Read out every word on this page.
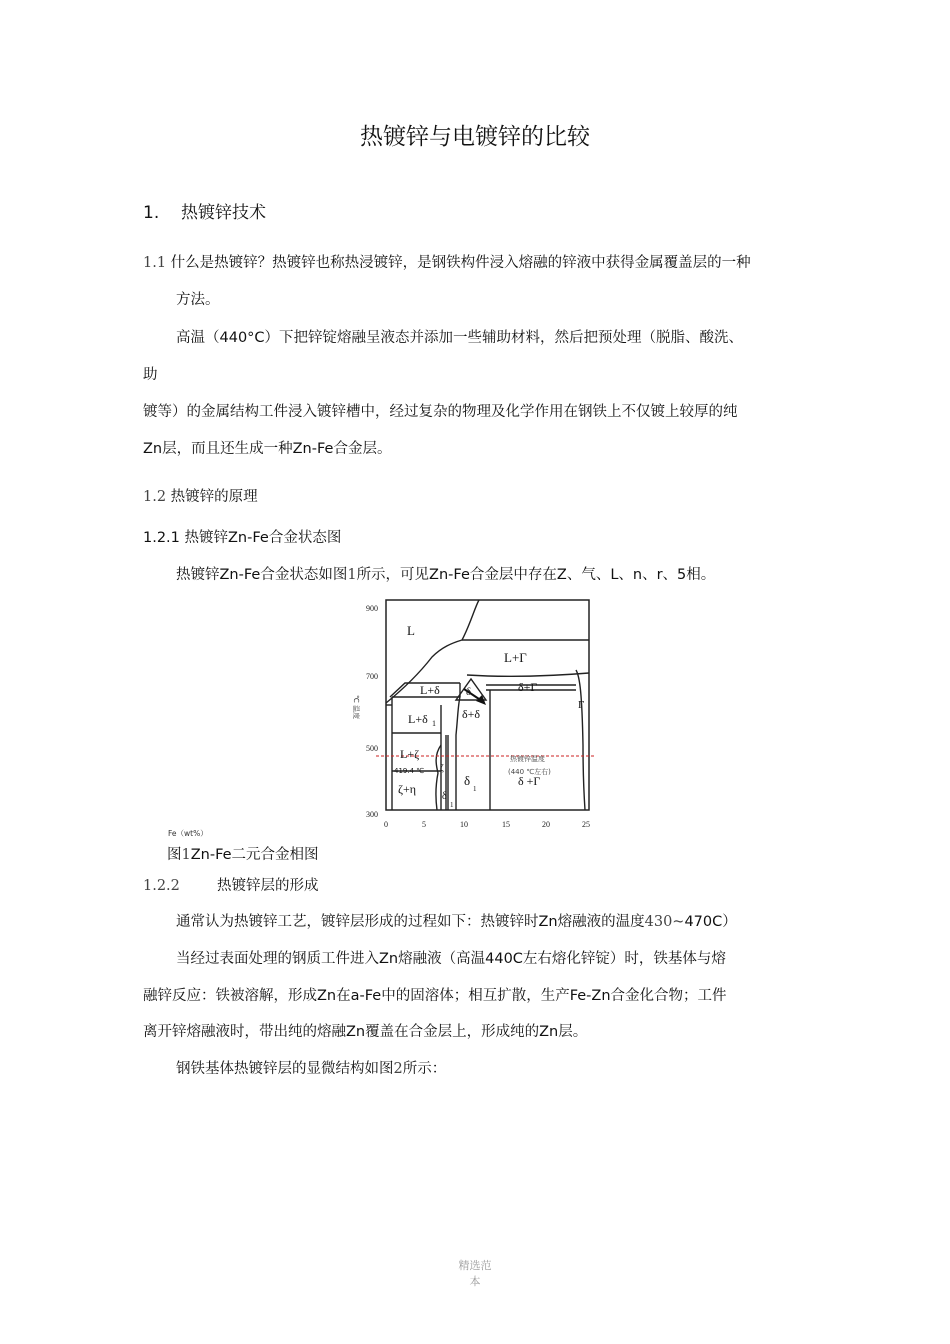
热镀锌与电镀锌的比较
1. 热镀锌技术
1.1 什么是热镀锌？热镀锌也称热浸镀锌，是钢铁构件浸入熔融的锌液中获得金属覆盖层的一种
方法。
高温（440°C）下把锌锭熔融呈液态并添加一些辅助材料，然后把预处理（脱脂、酸洗、
助
镀等）的金属结构工件浸入镀锌槽中，经过复杂的物理及化学作用在钢铁上不仅镀上较厚的纯
Zn层，而且还生成一种Zn-Fe合金层。
1.2 热镀锌的原理
1.2.1 热镀锌Zn-Fe合金状态图
热镀锌Zn-Fe合金状态如图1所示，可见Zn-Fe合金层中存在Z、气、L、n、r、5相。
900
700
500
300
0	5	10	15	20	25
℃ 温度
L
L+Γ
δ+Γ
L+δ δ
δ+δ
L+δ 1
Γ
L+ζ
419.4 ℃
ζ+η
ζ
δ
1
δ
1
δ +Γ
热镀锌温度
(440 ℃左右)
Fe（wt%）
图1Zn-Fe二元合金相图
1.2.2	热镀锌层的形成
通常认为热镀锌工艺，镀锌层形成的过程如下：热镀锌时Zn熔融液的温度430~470C）
当经过表面处理的钢质工件进入Zn熔融液（高温440C左右熔化锌锭）时，铁基体与熔
融锌反应：铁被溶解，形成Zn在a-Fe中的固溶体；相互扩散，生产Fe-Zn合金化合物；工件
离开锌熔融液时，带出纯的熔融Zn覆盖在合金层上，形成纯的Zn层。
钢铁基体热镀锌层的显微结构如图2所示：
精选范
本
